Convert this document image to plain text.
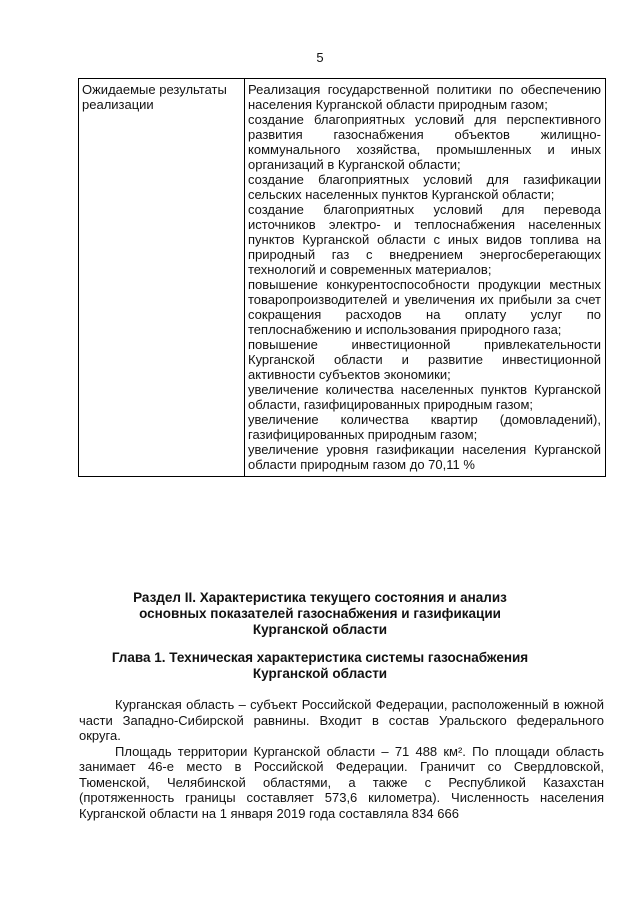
5
Ожидаемые результаты реализации	
Реализация государственной политики по обеспечению населения Курганской области природным газом;
создание благоприятных условий для перспективного развития газоснабжения объектов жилищно-коммунального хозяйства, промышленных и иных организаций в Курганской области;
создание благоприятных условий для газификации сельских населенных пунктов Курганской области;
создание благоприятных условий для перевода источников электро- и теплоснабжения населенных пунктов Курганской области с иных видов топлива на природный газ с внедрением энергосберегающих технологий и современных материалов;
повышение конкурентоспособности продукции местных товаропроизводителей и увеличения их прибыли за счет сокращения расходов на оплату услуг по теплоснабжению и использования природного газа;
повышение инвестиционной привлекательности Курганской области и развитие инвестиционной активности субъектов экономики;
увеличение количества населенных пунктов Курганской области, газифицированных природным газом;
увеличение количества квартир (домовладений), газифицированных природным газом;
увеличение уровня газификации населения Курганской области природным газом до 70,11 %
Раздел II. Характеристика текущего состояния и анализ
основных показателей газоснабжения и газификации
Курганской области
Глава 1. Техническая характеристика системы газоснабжения
Курганской области

Курганская область – субъект Российской Федерации, расположенный в южной части Западно-Сибирской равнины. Входит в состав Уральского федерального округа.

Площадь территории Курганской области – 71 488 км². По площади область занимает 46-е место в Российской Федерации. Граничит со Свердловской, Тюменской, Челябинской областями, а также с Республикой Казахстан (протяженность границы составляет 573,6 километра). Численность населения Курганской области на 1 января 2019 года составляла 834 666
